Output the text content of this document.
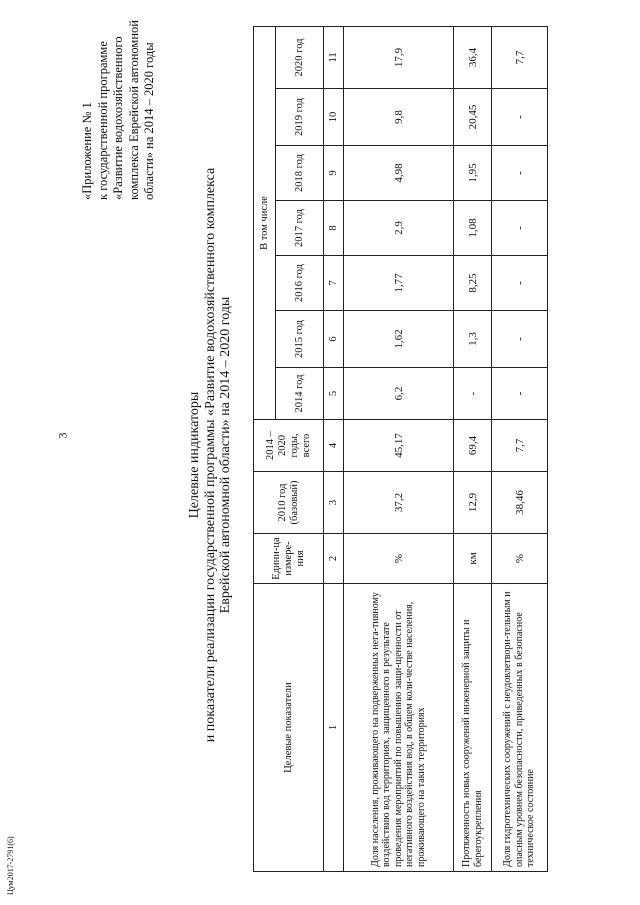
3
Цум2017-2791(6)
«Приложение № 1 к государственной программе «Развитие водохозяйственного комплекса Еврейской автономной области» на 2014 – 2020 годы
Целевые индикаторы и показатели реализации государственной программы «Развитие водохозяйственного комплекса Еврейской автономной области» на 2014 – 2020 годы
Целевые показатели	Едини-ца измере-ния	2010 год (базовый)	2014 – 2020 годы, всего	В том числе						
				2014 год	2015 год	2016 год	2017 год	2018 год	2019 год	2020 год
1	2	3	4	5	6	7	8	9	10	11
Доля населения, проживающего на подверженных нега-тивному воздействию вод территориях, защищенного в результате проведения мероприятий по повышению защи-щенности от негативного воздействия вод, в общем коли-честве населения, проживающего на таких территориях	%	37,2	45,17	6,2	1,62	1,77	2,9	4,98	9,8	17,9
Протяженность новых сооружений инженерной защиты и берегоукрепления	км	12,9	69,4	-	1,3	8,25	1,08	1,95	20,45	36,4
Доля гидротехнических сооружений с неудовлетвори-тельным и опасным уровнем безопасности, приведенных в безопасное техническое состояние	%	38,46	7,7	-	-	-	-	-	-	7,7
